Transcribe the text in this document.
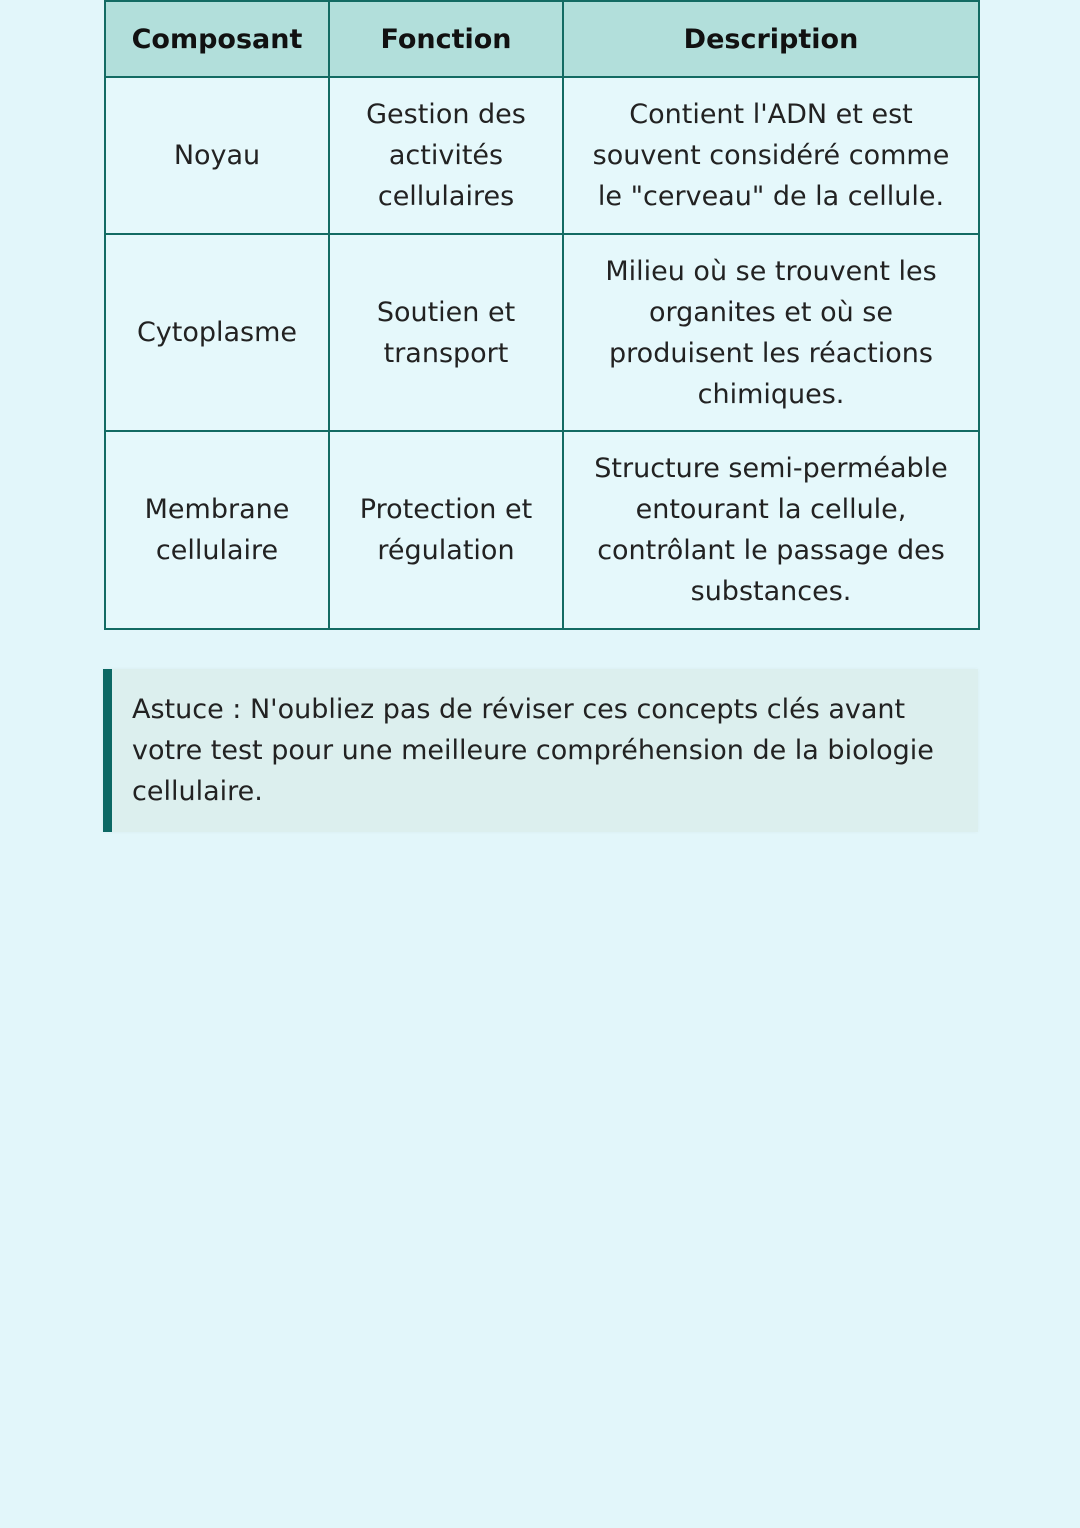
Composant	Fonction	Description
Noyau	Gestion des activités cellulaires	Contient l'ADN et est souvent considéré comme le "cerveau" de la cellule.
Cytoplasme	Soutien et transport	Milieu où se trouvent les organites et où se produisent les réactions chimiques.
Membrane cellulaire	Protection et régulation	Structure semi-perméable entourant la cellule, contrôlant le passage des substances.

Astuce : N'oubliez pas de réviser ces concepts clés avant votre test pour une meilleure compréhension de la biologie cellulaire.
